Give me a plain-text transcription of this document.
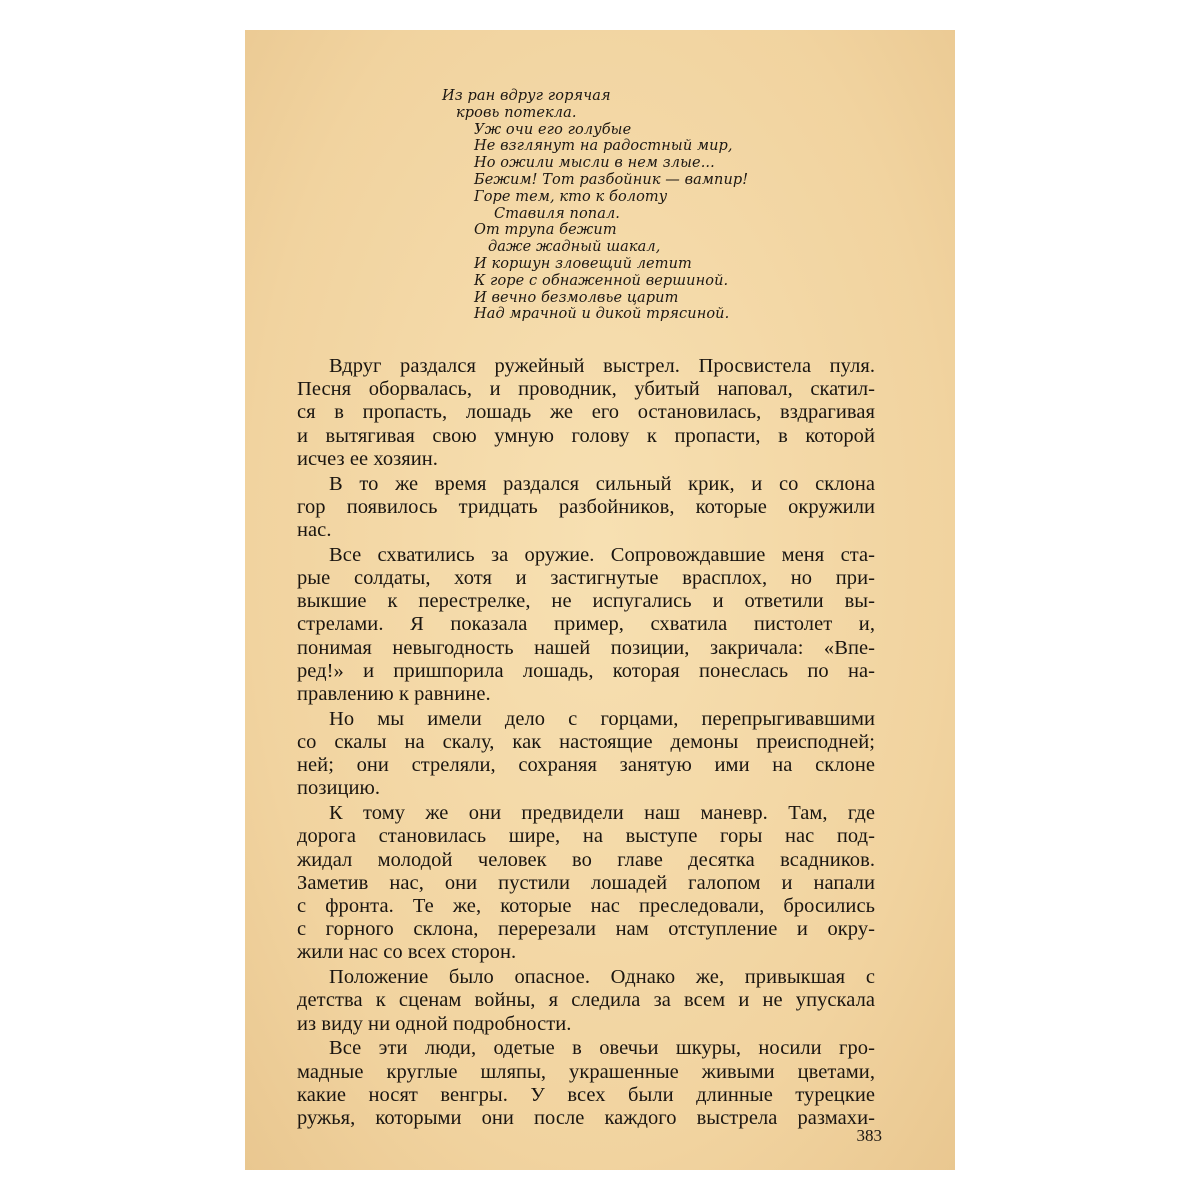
Из ран вдруг горячая
кровь потекла.
Уж очи его голубые
Не взглянут на радостный мир,
Но ожили мысли в нем злые...
Бежим! Тот разбойник — вампир!
Горе тем, кто к болоту
Ставиля попал.
От трупа бежит
даже жадный шакал,
И коршун зловещий летит
К горе с обнаженной вершиной.
И вечно безмолвье царит
Над мрачной и дикой трясиной.
Вдруг раздался ружейный выстрел. Просвистела пуля.
Песня оборвалась, и проводник, убитый наповал, скатил-
ся в пропасть, лошадь же его остановилась, вздрагивая
и вытягивая свою умную голову к пропасти, в которой
исчез ее хозяин.
В то же время раздался сильный крик, и со склона
гор появилось тридцать разбойников, которые окружили
нас.
Все схватились за оружие. Сопровождавшие меня ста-
рые солдаты, хотя и застигнутые врасплох, но при-
выкшие к перестрелке, не испугались и ответили вы-
стрелами. Я показала пример, схватила пистолет и,
понимая невыгодность нашей позиции, закричала: «Впе-
ред!» и пришпорила лошадь, которая понеслась по на-
правлению к равнине.
Но мы имели дело с горцами, перепрыгивавшими
со скалы на скалу, как настоящие демоны преисподней;
ней; они стреляли, сохраняя занятую ими на склоне
позицию.
К тому же они предвидели наш маневр. Там, где
дорога становилась шире, на выступе горы нас под-
жидал молодой человек во главе десятка всадников.
Заметив нас, они пустили лошадей галопом и напали
с фронта. Те же, которые нас преследовали, бросились
с горного склона, перерезали нам отступление и окру-
жили нас со всех сторон.
Положение было опасное. Однако же, привыкшая с
детства к сценам войны, я следила за всем и не упускала
из виду ни одной подробности.
Все эти люди, одетые в овечьи шкуры, носили гро-
мадные круглые шляпы, украшенные живыми цветами,
какие носят венгры. У всех были длинные турецкие
ружья, которыми они после каждого выстрела размахи-
383
